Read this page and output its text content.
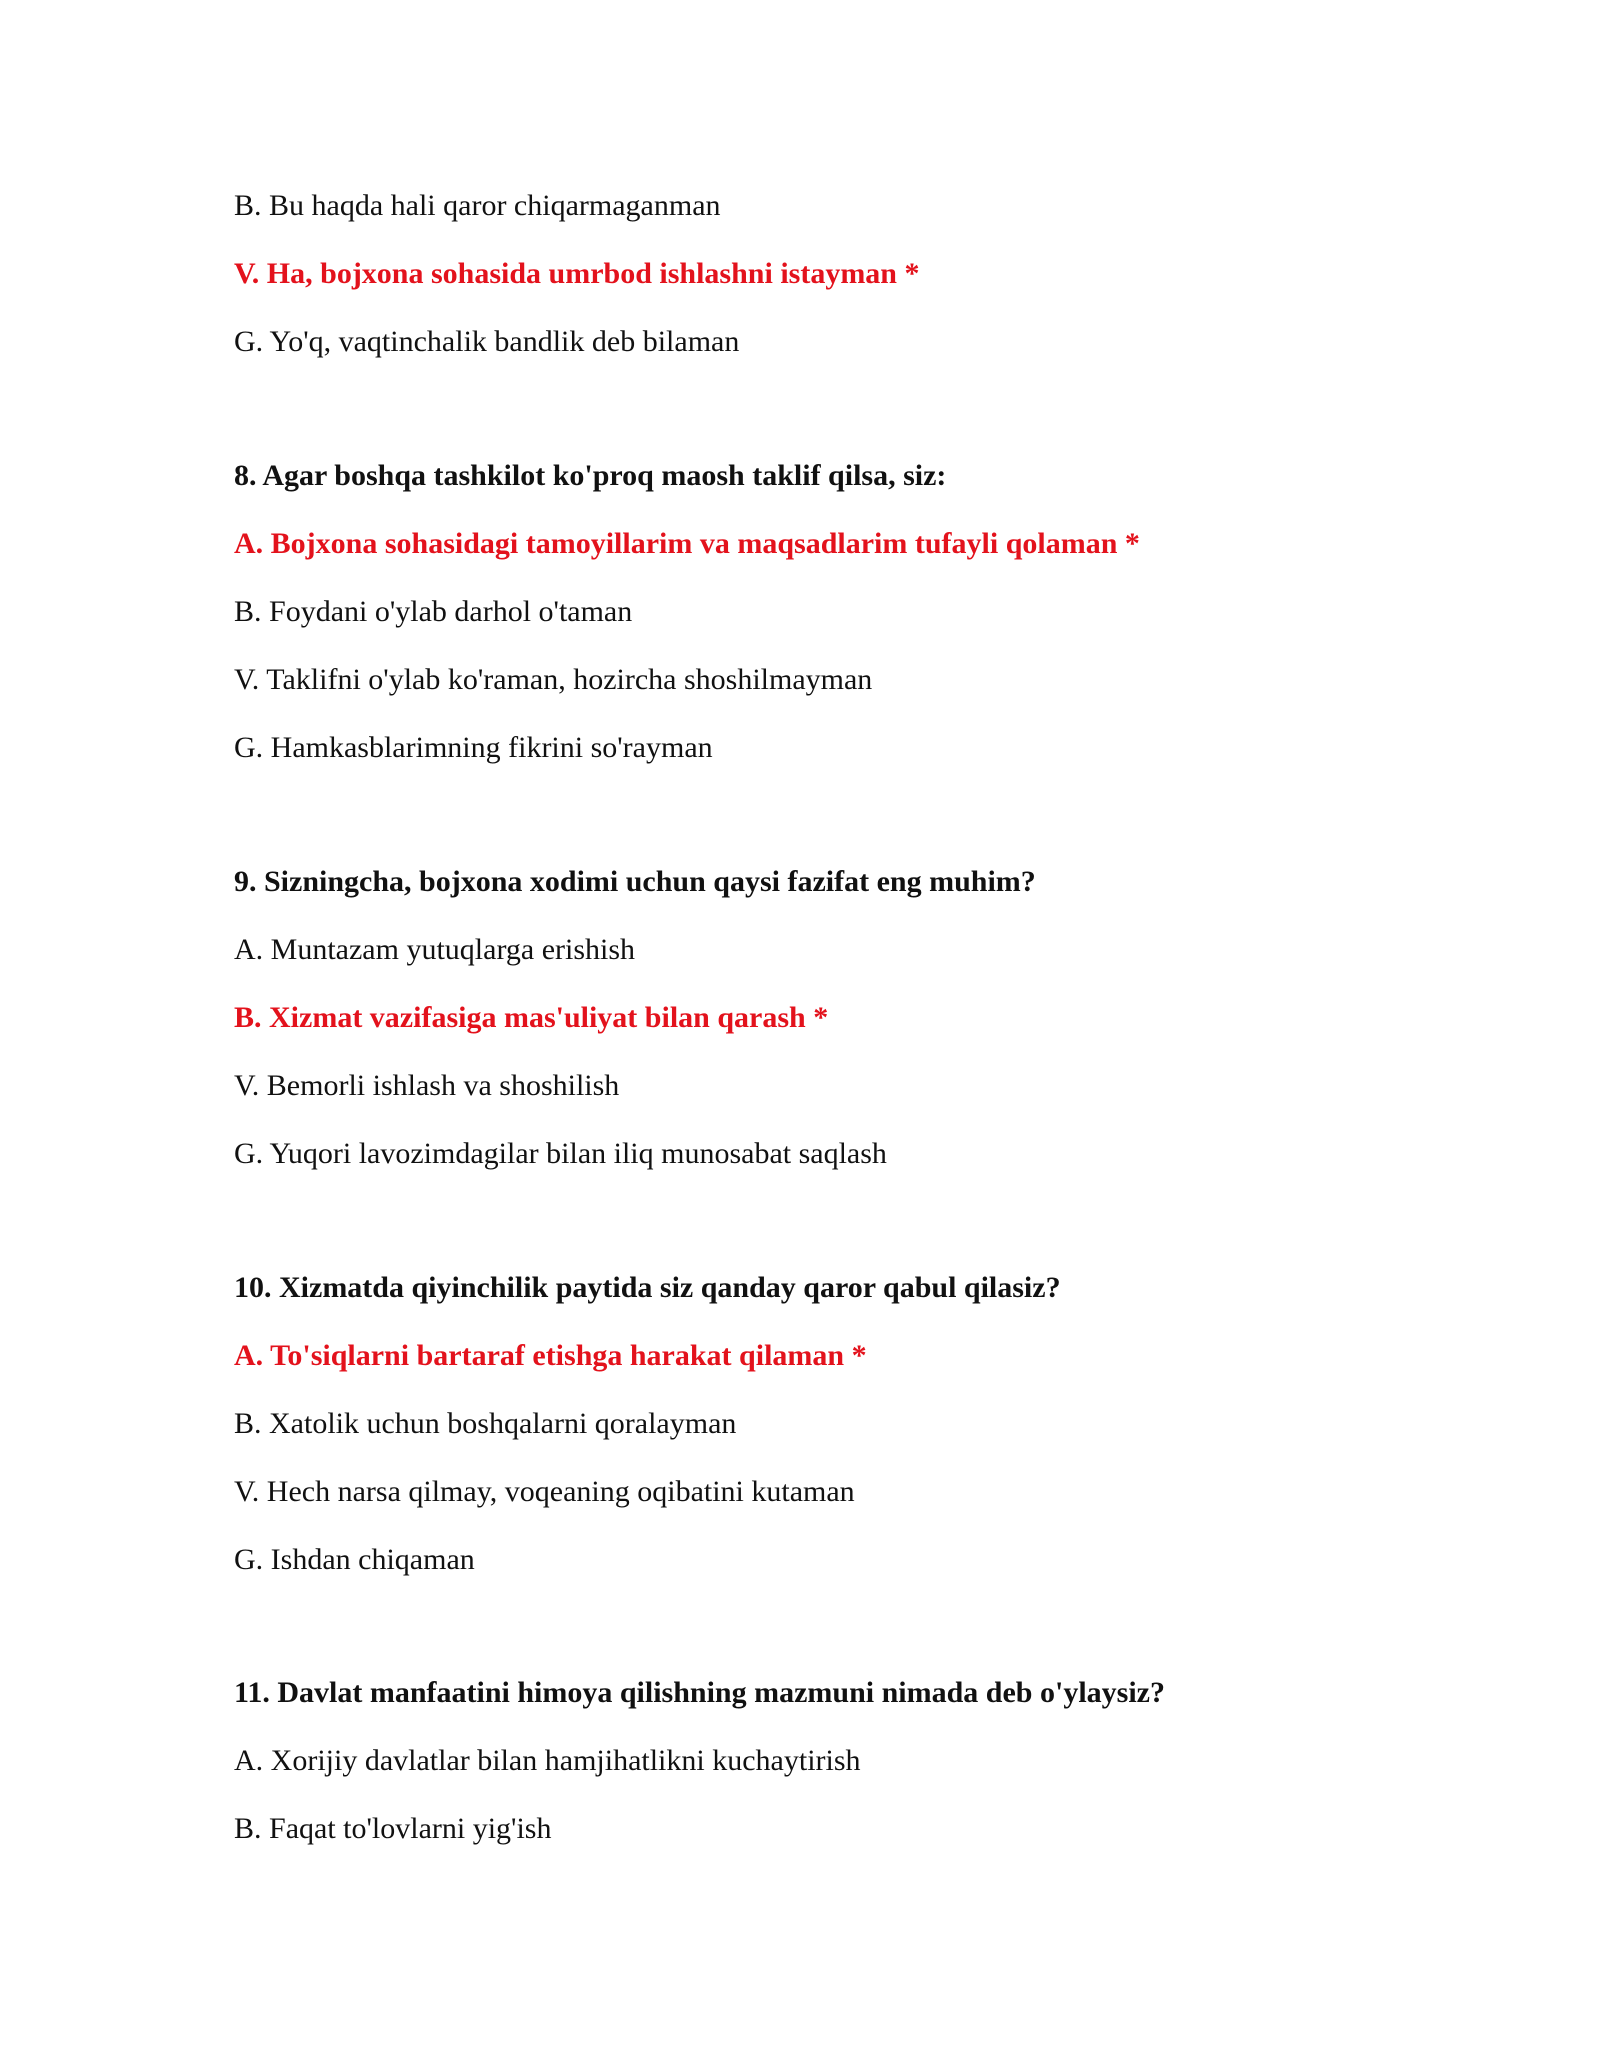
B. Bu haqda hali qaror chiqarmaganman
V. Ha, bojxona sohasida umrbod ishlashni istayman *
G. Yo'q, vaqtinchalik bandlik deb bilaman
8. Agar boshqa tashkilot ko'proq maosh taklif qilsa, siz:
A. Bojxona sohasidagi tamoyillarim va maqsadlarim tufayli qolaman *
B. Foydani o'ylab darhol o'taman
V. Taklifni o'ylab ko'raman, hozircha shoshilmayman
G. Hamkasblarimning fikrini so'rayman
9. Sizningcha, bojxona xodimi uchun qaysi fazifat eng muhim?
A. Muntazam yutuqlarga erishish
B. Xizmat vazifasiga mas'uliyat bilan qarash *
V. Bemorli ishlash va shoshilish
G. Yuqori lavozimdagilar bilan iliq munosabat saqlash
10. Xizmatda qiyinchilik paytida siz qanday qaror qabul qilasiz?
A. To'siqlarni bartaraf etishga harakat qilaman *
B. Xatolik uchun boshqalarni qoralayman
V. Hech narsa qilmay, voqeaning oqibatini kutaman
G. Ishdan chiqaman
11. Davlat manfaatini himoya qilishning mazmuni nimada deb o'ylaysiz?
A. Xorijiy davlatlar bilan hamjihatlikni kuchaytirish
B. Faqat to'lovlarni yig'ish
